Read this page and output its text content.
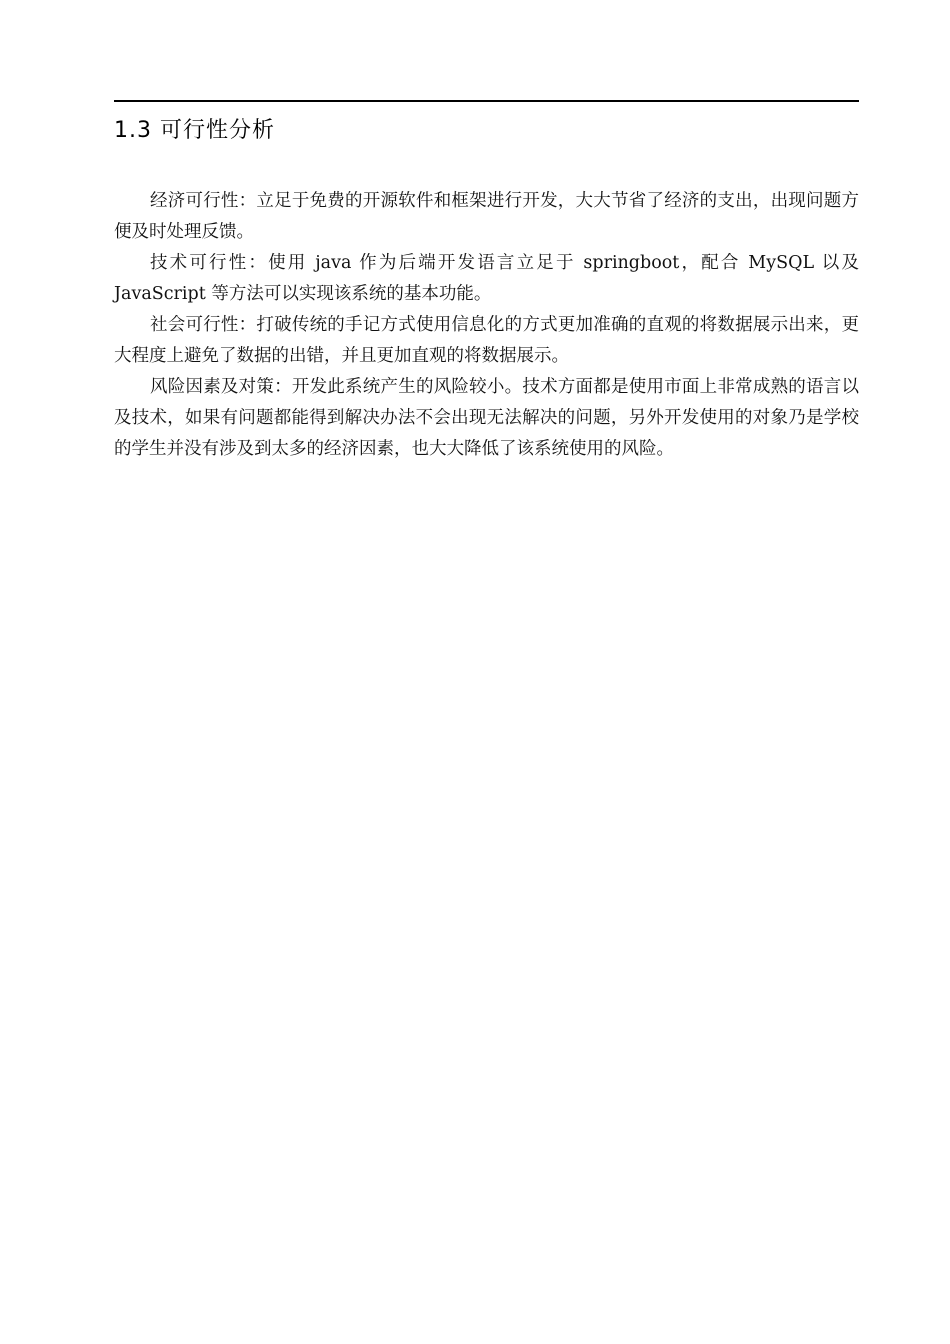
1.3 可行性分析

经济可行性：立足于免费的开源软件和框架进行开发，大大节省了经济的支出，出现问题方便及时处理反馈。

技术可行性：使用 java 作为后端开发语言立足于 springboot，配合 MySQL 以及 JavaScript 等方法可以实现该系统的基本功能。

社会可行性：打破传统的手记方式使用信息化的方式更加准确的直观的将数据展示出来，更大程度上避免了数据的出错，并且更加直观的将数据展示。

风险因素及对策：开发此系统产生的风险较小。技术方面都是使用市面上非常成熟的语言以及技术，如果有问题都能得到解决办法不会出现无法解决的问题，另外开发使用的对象乃是学校的学生并没有涉及到太多的经济因素，也大大降低了该系统使用的风险。
